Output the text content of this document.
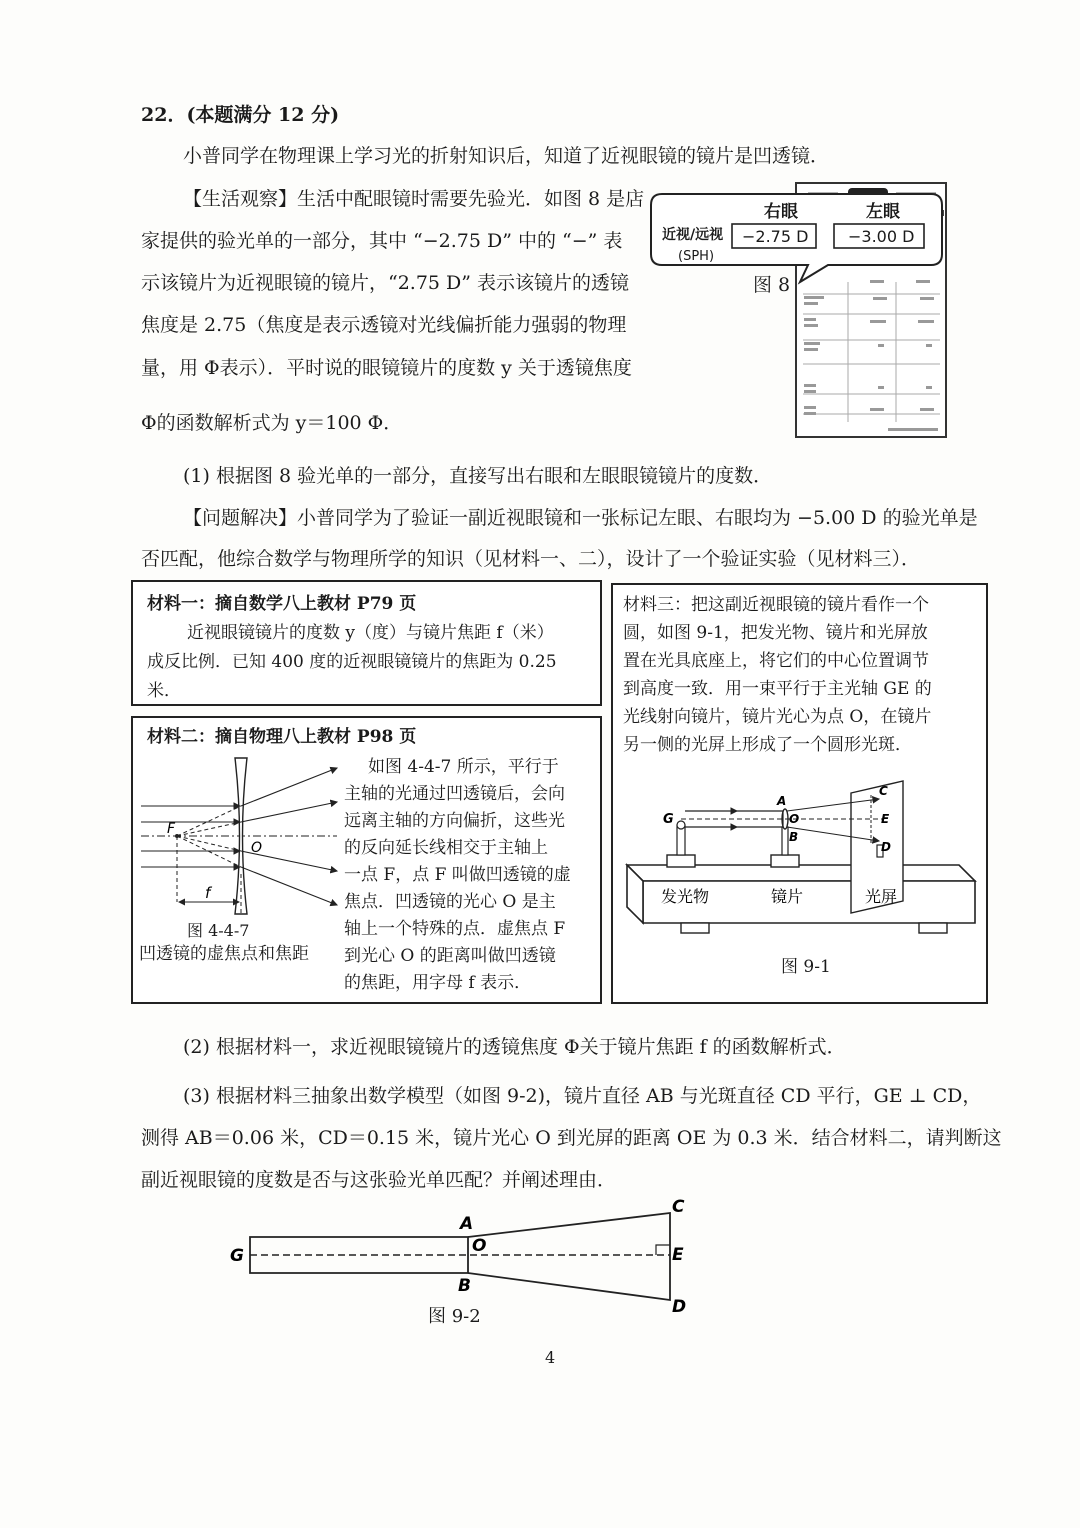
22．(本题满分 12 分)
小普同学在物理课上学习光的折射知识后，知道了近视眼镜的镜片是凹透镜．
【生活观察】生活中配眼镜时需要先验光．如图 8 是店
家提供的验光单的一部分，其中 “−2.75 D” 中的 “−” 表
示该镜片为近视眼镜的镜片，“2.75 D” 表示该镜片的透镜
焦度是 2.75（焦度是表示透镜对光线偏折能力强弱的物理
量，用 Φ表示）．平时说的眼镜镜片的度数 y 关于透镜焦度
Φ的函数解析式为 y＝100 Φ．
右眼	左眼
近视/远视
(SPH)
−2.75 D −3.00 D
图 8
(1) 根据图 8 验光单的一部分，直接写出右眼和左眼眼镜镜片的度数．
【问题解决】小普同学为了验证一副近视眼镜和一张标记左眼、右眼均为 −5.00 D 的验光单是
否匹配，他综合数学与物理所学的知识（见材料一、二），设计了一个验证实验（见材料三）．
材料一：摘自数学八上教材 P79 页
近视眼镜镜片的度数 y（度）与镜片焦距 f（米）
成反比例．已知 400 度的近视眼镜镜片的焦距为 0.25
米．
材料二：摘自物理八上教材 P98 页
F
O
f
图 4-4-7
凹透镜的虚焦点和焦距
如图 4-4-7 所示，平行于
主轴的光通过凹透镜后，会向
远离主轴的方向偏折，这些光
的反向延长线相交于主轴上
一点 F，点 F 叫做凹透镜的虚
焦点．凹透镜的光心 O 是主
轴上一个特殊的点．虚焦点 F
到光心 O 的距离叫做凹透镜
的焦距，用字母 f 表示．
材料三：把这副近视眼镜的镜片看作一个
圆，如图 9-1，把发光物、镜片和光屏放
置在光具底座上，将它们的中心位置调节
到高度一致．用一束平行于主光轴 GE 的
光线射向镜片，镜片光心为点 O，在镜片
另一侧的光屏上形成了一个圆形光斑．
G
A
O
B
C
E
D
发光物	镜片	光屏
图 9-1
(2) 根据材料一，求近视眼镜镜片的透镜焦度 Φ关于镜片焦距 f 的函数解析式．
(3) 根据材料三抽象出数学模型（如图 9-2)，镜片直径 AB 与光斑直径 CD 平行，GE ⊥ CD，
测得 AB＝0.06 米，CD＝0.15 米，镜片光心 O 到光屏的距离 OE 为 0.3 米．结合材料二，请判断这
副近视眼镜的度数是否与这张验光单匹配？并阐述理由．
G
A
O
B
C
E
D
图 9-2
4
